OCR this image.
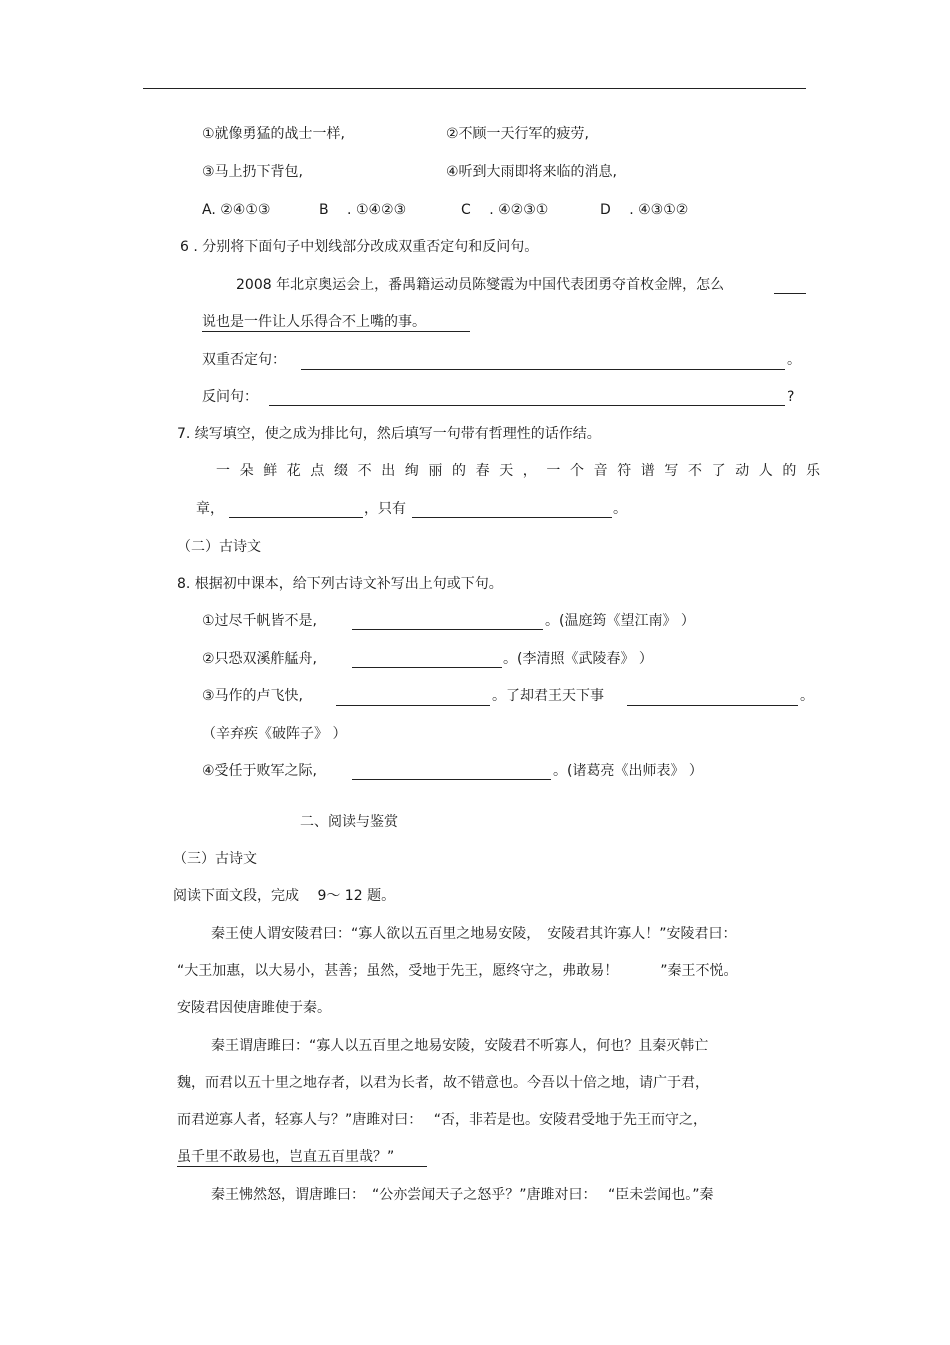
①就像勇猛的战士一样,	②不顾一天行军的疲劳,
③马上扔下背包,	④听到大雨即将来临的消息,
A. ②④①③	B　 . ①④②③	C　 . ④②③①	D　 . ④③①②
6 . 分别将下面句子中划线部分改成双重否定句和反问句。
2008 年北京奥运会上，番禺籍运动员陈燮霞为中国代表团勇夺首枚金牌，怎么
说也是一件让人乐得合不上嘴的事。
双重否定句：	。
反问句：	?
7. 续写填空，使之成为排比句，然后填写一句带有哲理性的话作结。
一朵鲜花点缀不出绚丽的春天，一个音符谱写不了动人的乐
章，	，只有	。
（二）古诗文
8. 根据初中课本，给下列古诗文补写出上句或下句。
①过尽千帆皆不是,	。(温庭筠《望江南》 ）
②只恐双溪舴艋舟,	。(李清照《武陵春》 ）
③马作的卢飞快,	。了却君王天下事	。
（辛弃疾《破阵子》 ）
④受任于败军之际,	。(诸葛亮《出师表》 ）
二、阅读与鉴赏
（三）古诗文
阅读下面文段，完成　 9～ 12 题。
秦王使人谓安陵君曰：“寡人欲以五百里之地易安陵，　安陵君其许寡人！”安陵君曰：
“大王加惠，以大易小，甚善；虽然，受地于先王，愿终守之，弗敢易！　　　”秦王不悦。
安陵君因使唐雎使于秦。
秦王谓唐雎曰：“寡人以五百里之地易安陵，安陵君不听寡人，何也？且秦灭韩亡
魏，而君以五十里之地存者，以君为长者，故不错意也。今吾以十倍之地，请广于君，
而君逆寡人者，轻寡人与？”唐雎对曰：　 “否，非若是也。安陵君受地于先王而守之，
虽千里不敢易也，岂直五百里哉？”
秦王怫然怒，谓唐雎曰：　“公亦尝闻天子之怒乎？”唐雎对曰：　 “臣未尝闻也。”秦
